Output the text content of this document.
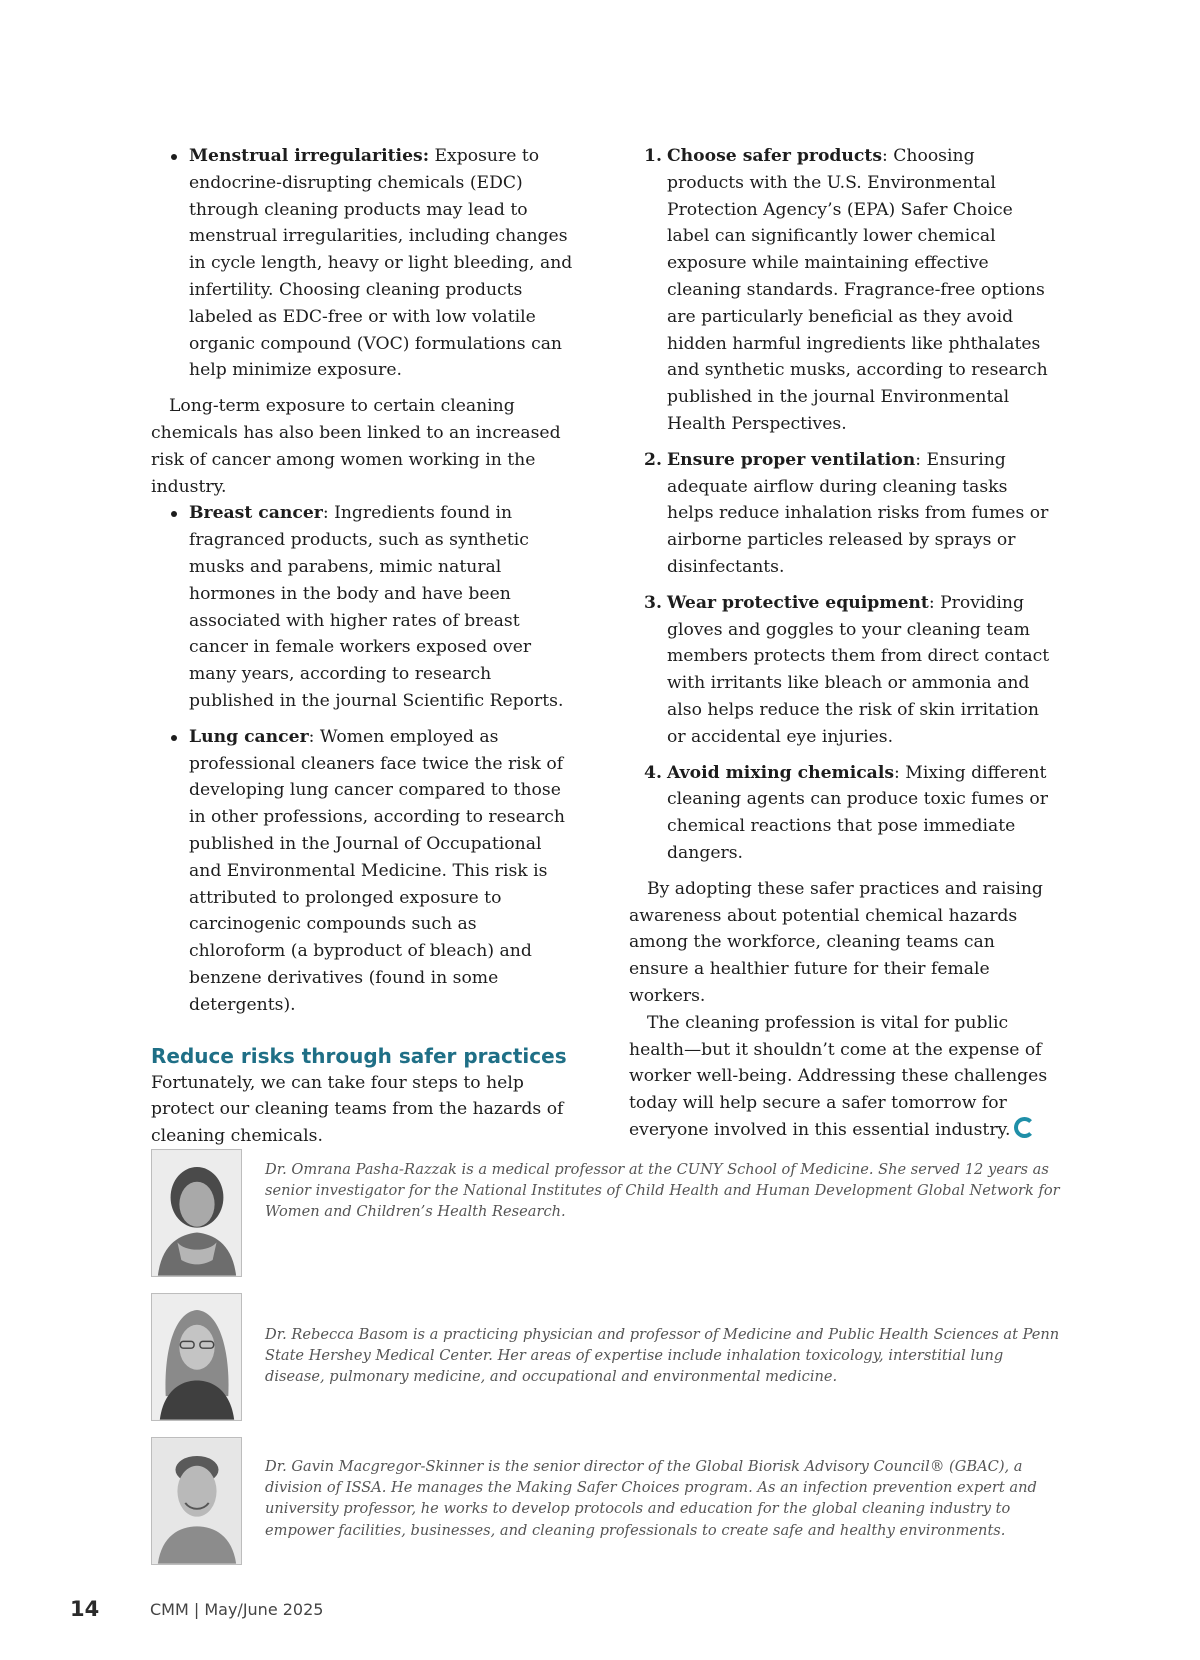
Menstrual irregularities: Exposure to endocrine-disrupting chemicals (EDC) through cleaning products may lead to menstrual irregularities, including changes in cycle length, heavy or light bleeding, and infertility. Choosing cleaning products labeled as EDC-free or with low volatile organic compound (VOC) formulations can help minimize exposure.

Long-term exposure to certain cleaning chemicals has also been linked to an increased risk of cancer among women working in the industry.

Breast cancer: Ingredients found in fragranced products, such as synthetic musks and parabens, mimic natural hormones in the body and have been associated with higher rates of breast cancer in female workers exposed over many years, according to research published in the journal Scientific Reports.
Lung cancer: Women employed as professional cleaners face twice the risk of developing lung cancer compared to those in other professions, according to research published in the Journal of Occupational and Environmental Medicine. This risk is attributed to prolonged exposure to carcinogenic compounds such as chloroform (a byproduct of bleach) and benzene derivatives (found in some detergents).
Reduce risks through safer practices

Fortunately, we can take four steps to help protect our cleaning teams from the hazards of cleaning chemicals.

1. Choose safer products: Choosing products with the U.S. Environmental Protection Agency’s (EPA) Safer Choice label can significantly lower chemical exposure while maintaining effective cleaning standards. Fragrance-free options are particularly beneficial as they avoid hidden harmful ingredients like phthalates and synthetic musks, according to research published in the journal Environmental Health Perspectives.
2. Ensure proper ventilation: Ensuring adequate airflow during cleaning tasks helps reduce inhalation risks from fumes or airborne particles released by sprays or disinfectants.
3. Wear protective equipment: Providing gloves and goggles to your cleaning team members protects them from direct contact with irritants like bleach or ammonia and also helps reduce the risk of skin irritation or accidental eye injuries.
4. Avoid mixing chemicals: Mixing different cleaning agents can produce toxic fumes or chemical reactions that pose immediate dangers.

By adopting these safer practices and raising awareness about potential chemical hazards among the workforce, cleaning teams can ensure a healthier future for their female workers.

The cleaning profession is vital for public health—but it shouldn’t come at the expense of worker well-being. Addressing these challenges today will help secure a safer tomorrow for everyone involved in this essential industry.

Dr. Omrana Pasha-Razzak is a medical professor at the CUNY School of Medicine. She served 12 years as senior investigator for the National Institutes of Child Health and Human Development Global Network for Women and Children’s Health Research.
Dr. Rebecca Basom is a practicing physician and professor of Medicine and Public Health Sciences at Penn State Hershey Medical Center. Her areas of expertise include inhalation toxicology, interstitial lung disease, pulmonary medicine, and occupational and environmental medicine.
Dr. Gavin Macgregor-Skinner is the senior director of the Global Biorisk Advisory Council® (GBAC), a division of ISSA. He manages the Making Safer Choices program. As an infection prevention expert and university professor, he works to develop protocols and education for the global cleaning industry to empower facilities, businesses, and cleaning professionals to create safe and healthy environments.
14	CMM | May/June 2025
